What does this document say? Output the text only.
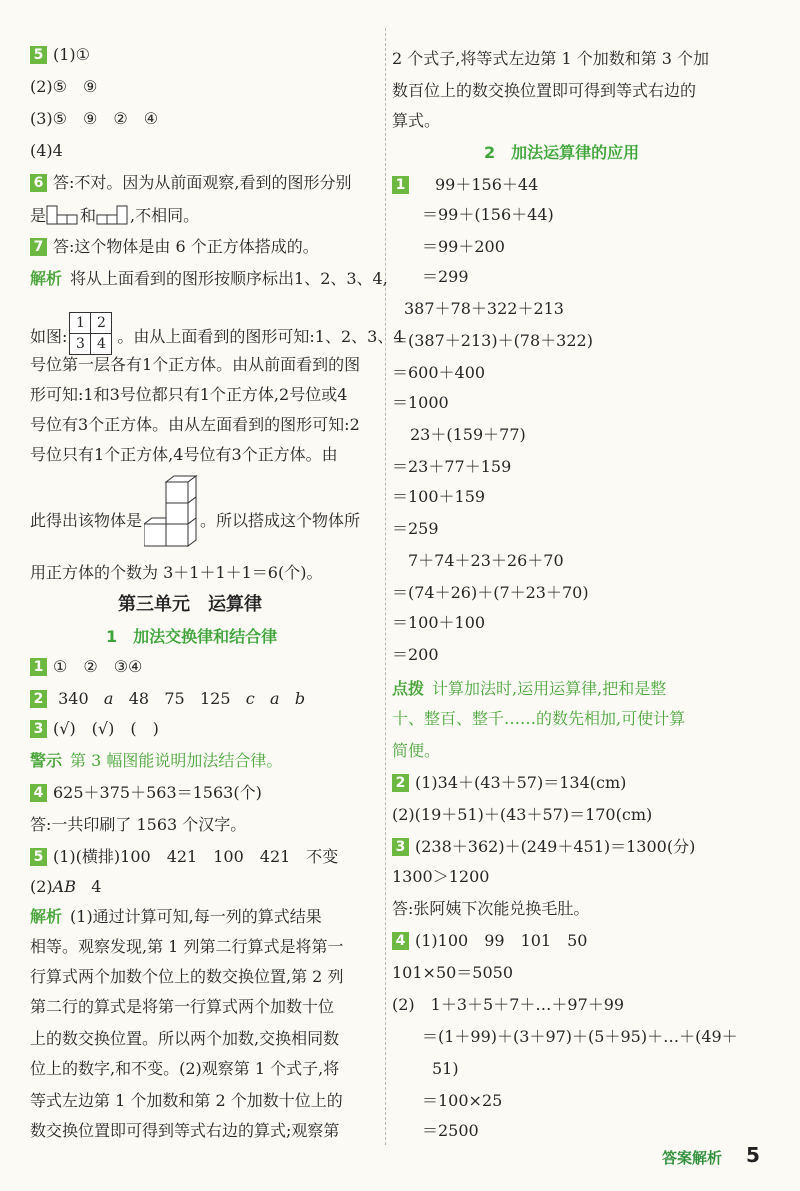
5 (1)①
(2)⑤　⑨
(3)⑤　⑨　②　④
(4)4
6 答:不对。因为从前面观察,看到的图形分别
是 和 ,不相同。
7 答:这个物体是由 6 个正方体搭成的。
解析 将从上面看到的图形按顺序标出1、2、3、4,
如图:
1 2
3 4 。由从上面看到的图形可知:1、2、3、4
号位第一层各有1个正方体。由从前面看到的图
形可知:1和3号位都只有1个正方体,2号位或4
号位有3个正方体。由从左面看到的图形可知:2
号位只有1个正方体,4号位有3个正方体。由
此得出该物体是	。所以搭成这个物体所
用正方体的个数为 3＋1＋1＋1＝6(个)。
第三单元　运算律
1　加法交换律和结合律
1 ①　②　③④
2 340 a 48 75 125 c a b
3 (√)　(√)　(　)
警示 第 3 幅图能说明加法结合律。
4 625＋375＋563＝1563(个)
答:一共印刷了 1563 个汉字。
5 (1)(横排)100　421　100　421　不变
(2)AB 4
解析 (1)通过计算可知,每一列的算式结果
相等。观察发现,第 1 列第二行算式是将第一
行算式两个加数个位上的数交换位置,第 2 列
第二行的算式是将第一行算式两个加数十位
上的数交换位置。所以两个加数,交换相同数
位上的数字,和不变。(2)观察第 1 个式子,将
等式左边第 1 个加数和第 2 个加数十位上的
数交换位置即可得到等式右边的算式;观察第
2 个式子,将等式左边第 1 个加数和第 3 个加
数百位上的数交换位置即可得到等式右边的
算式。
2　加法运算律的应用
1 99＋156＋44
＝99＋(156＋44)
＝99＋200
＝299
387＋78＋322＋213
＝(387＋213)＋(78＋322)
＝600＋400
＝1000
23＋(159＋77)
＝23＋77＋159
＝100＋159
＝259
7＋74＋23＋26＋70
＝(74＋26)＋(7＋23＋70)
＝100＋100
＝200
点拨 计算加法时,运用运算律,把和是整
十、整百、整千……的数先相加,可使计算
简便。
2 (1)34＋(43＋57)＝134(cm)
(2)(19＋51)＋(43＋57)＝170(cm)
3 (238＋362)＋(249＋451)＝1300(分)
1300＞1200
答:张阿姨下次能兑换毛肚。
4 (1)100　99　101　50
101×50＝5050
(2)　1＋3＋5＋7＋…＋97＋99
＝(1＋99)＋(3＋97)＋(5＋95)＋…＋(49＋
51)
＝100×25
＝2500
答案解析 5
